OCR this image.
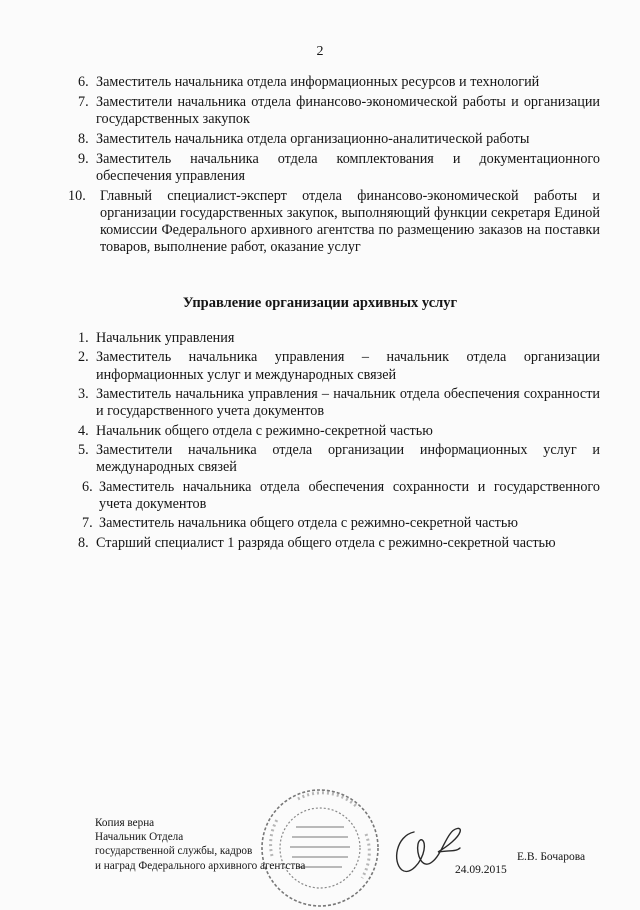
2
6. Заместитель начальника отдела информационных ресурсов и технологий
7. Заместители начальника отдела финансово-экономической работы и организации государственных закупок
8. Заместитель начальника отдела организационно-аналитической работы
9. Заместитель начальника отдела комплектования и документационного обеспечения управления
10. Главный специалист-эксперт отдела финансово-экономической работы и организации государственных закупок, выполняющий функции секретаря Единой комиссии Федерального архивного агентства по размещению заказов на поставки товаров, выполнение работ, оказание услуг
Управление организации архивных услуг
1. Начальник управления
2. Заместитель начальника управления – начальник отдела организации информационных услуг и международных связей
3. Заместитель начальника управления – начальник отдела обеспечения сохранности и государственного учета документов
4. Начальник общего отдела с режимно-секретной частью
5. Заместители начальника отдела организации информационных услуг и международных связей
6. Заместитель начальника отдела обеспечения сохранности и государственного учета документов
7. Заместитель начальника общего отдела с режимно-секретной частью
8. Старший специалист 1 разряда общего отдела с режимно-секретной частью
Копия верна
Начальник Отдела
государственной службы, кадров
и наград Федерального архивного агентства	24.09.2015
Е.В. Бочарова
